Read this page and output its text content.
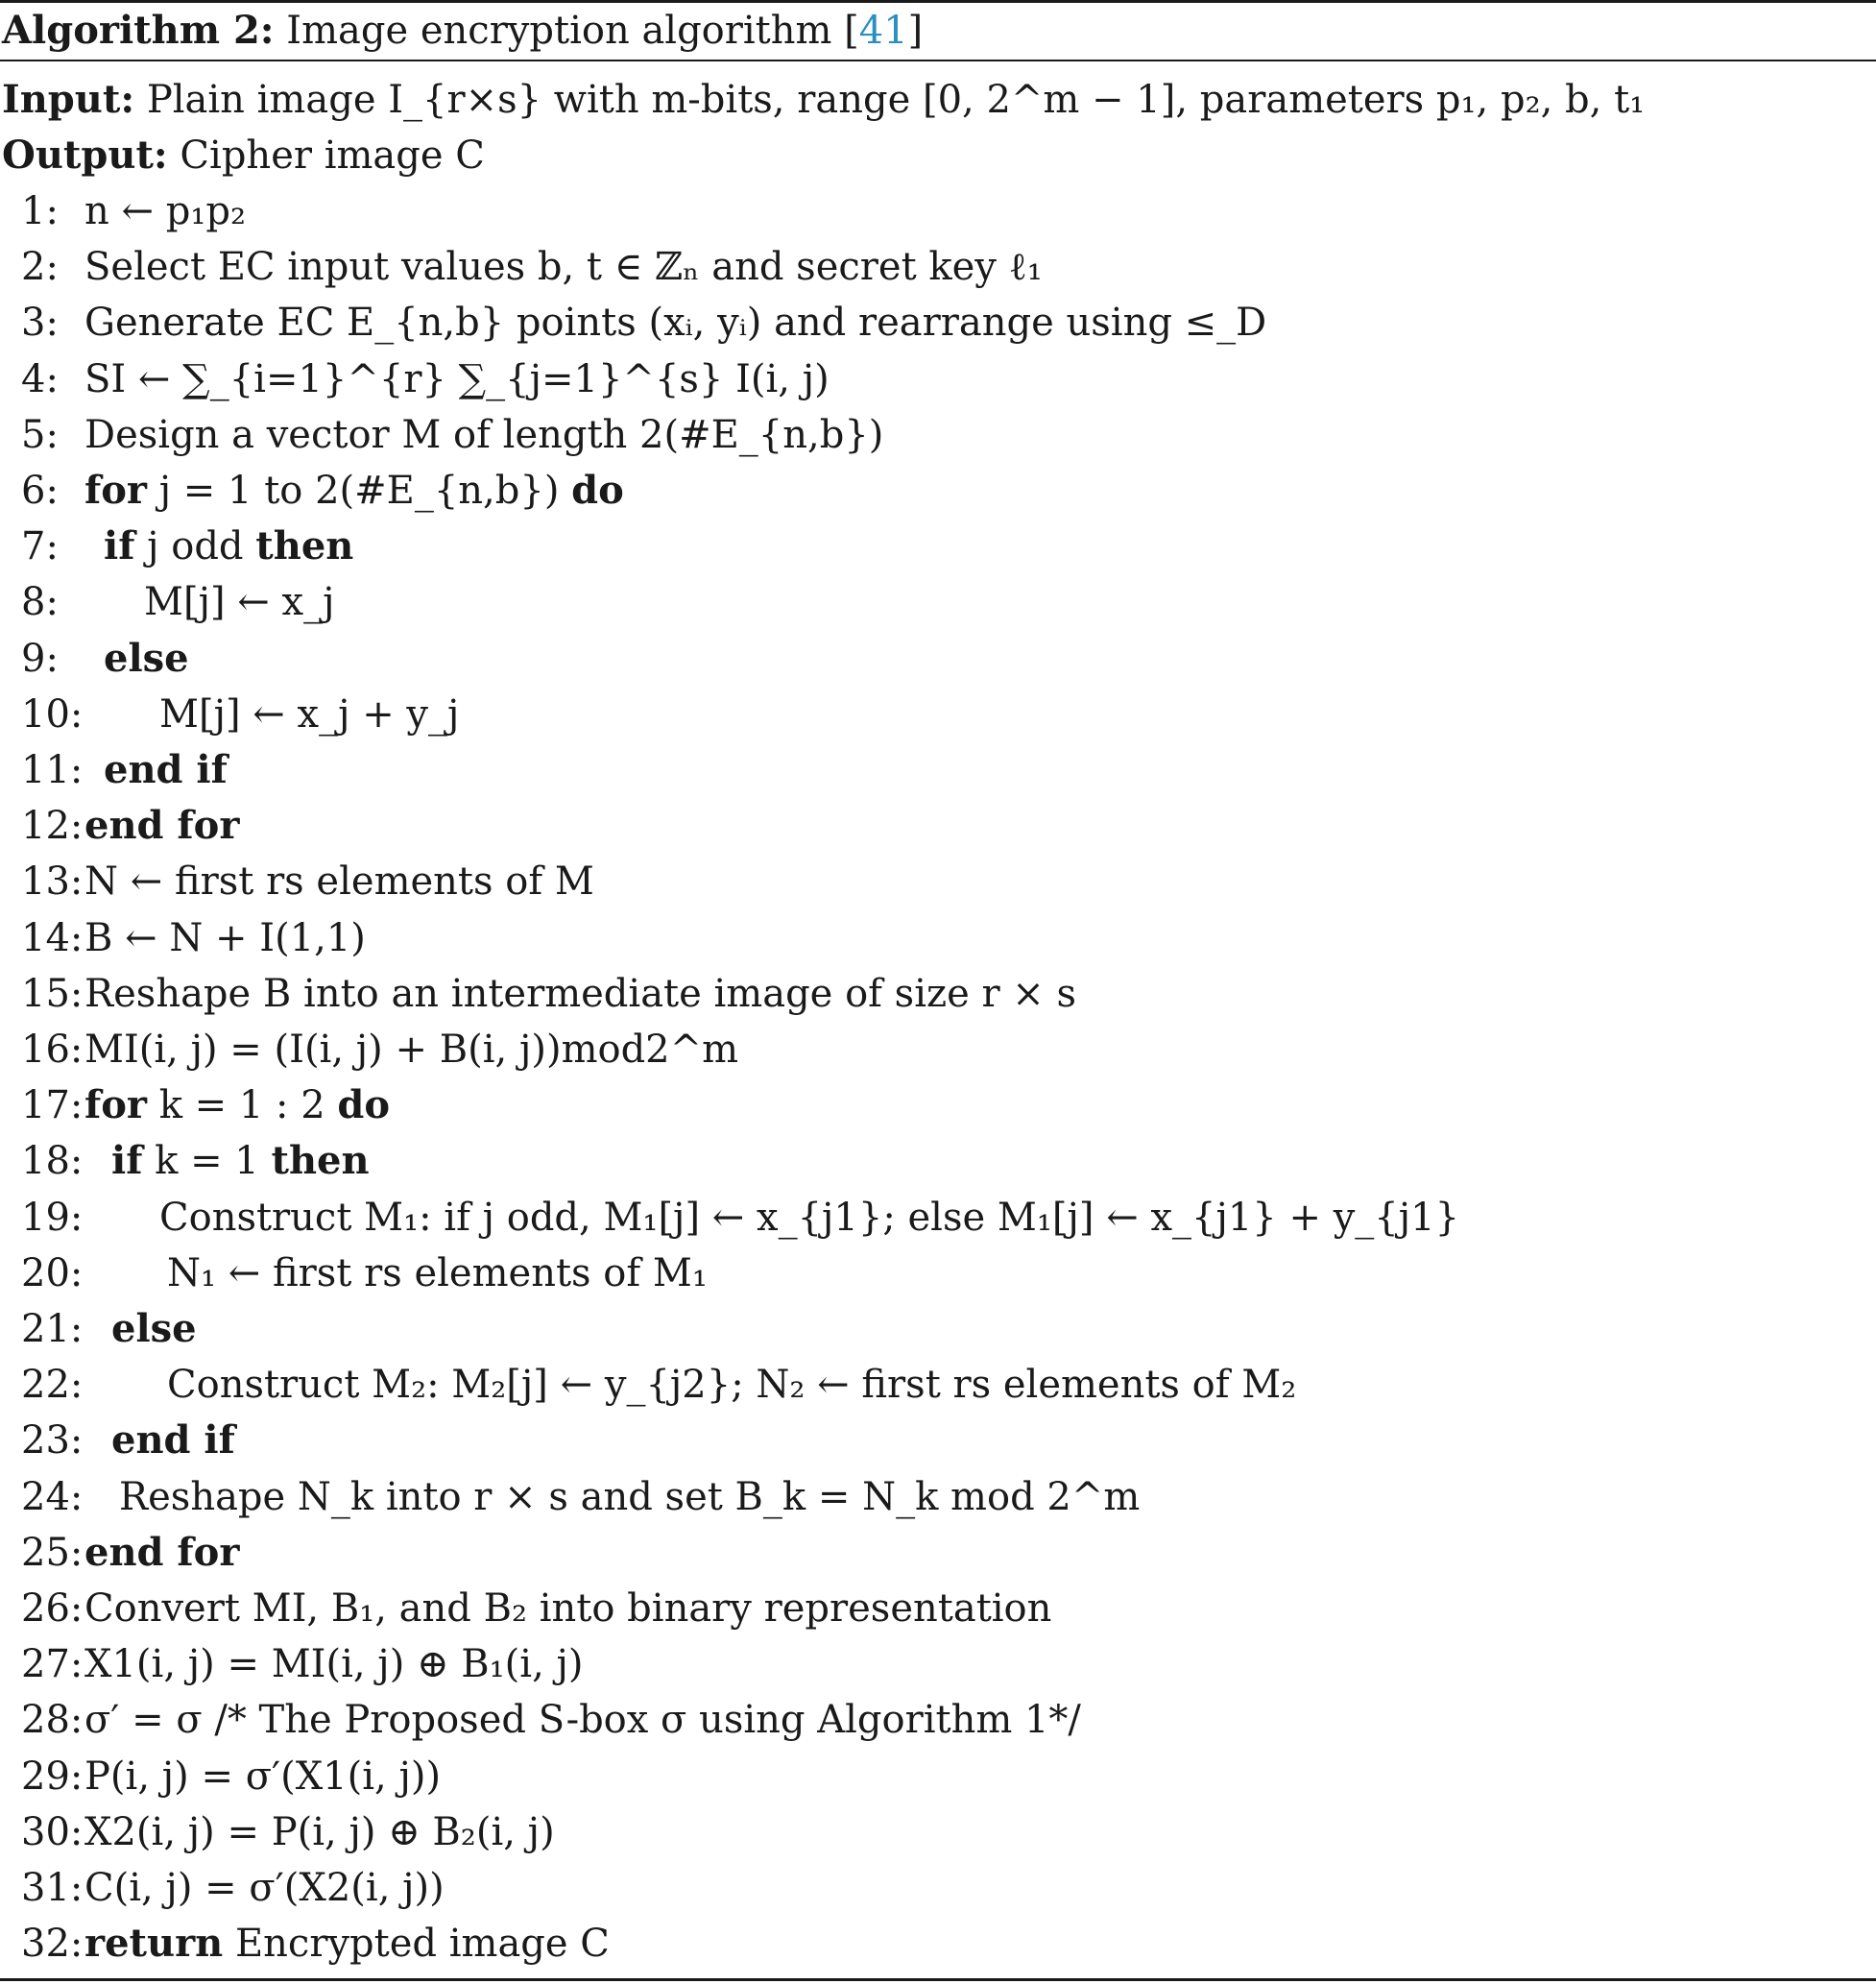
Algorithm 2: Image encryption algorithm [41]
Input: Plain image I_{r×s} with m-bits, range [0, 2^m − 1], parameters p₁, p₂, b, t₁
Output: Cipher image C
1: n ← p₁p₂
2: Select EC input values b, t ∈ ℤₙ and secret key ℓ₁
3: Generate EC E_{n,b} points (xᵢ, yᵢ) and rearrange using ≤_D
4: SI ← ∑_{i=1}^{r} ∑_{j=1}^{s} I(i, j)
5: Design a vector M of length 2(#E_{n,b})
6: for j = 1 to 2(#E_{n,b}) do
7:	if j odd then
8:	M[j] ← x_j
9:	else
10: M[j] ← x_j + y_j
11: end if
12: end for
13: N ← first rs elements of M
14: B ← N + I(1,1)
15: Reshape B into an intermediate image of size r × s
16: MI(i, j) = (I(i, j) + B(i, j))mod2^m
17: for k = 1 : 2 do
18: if k = 1 then
19: Construct M₁: if j odd, M₁[j] ← x_{j1}; else M₁[j] ← x_{j1} + y_{j1}
20: N₁ ← first rs elements of M₁
21: else
22: Construct M₂: M₂[j] ← y_{j2}; N₂ ← first rs elements of M₂
23: end if
24: Reshape N_k into r × s and set B_k = N_k mod 2^m
25: end for
26: Convert MI, B₁, and B₂ into binary representation
27: X1(i, j) = MI(i, j) ⊕ B₁(i, j)
28: σ′ = σ /* The Proposed S-box σ using Algorithm 1*/
29: P(i, j) = σ′(X1(i, j))
30: X2(i, j) = P(i, j) ⊕ B₂(i, j)
31: C(i, j) = σ′(X2(i, j))
32: return Encrypted image C
